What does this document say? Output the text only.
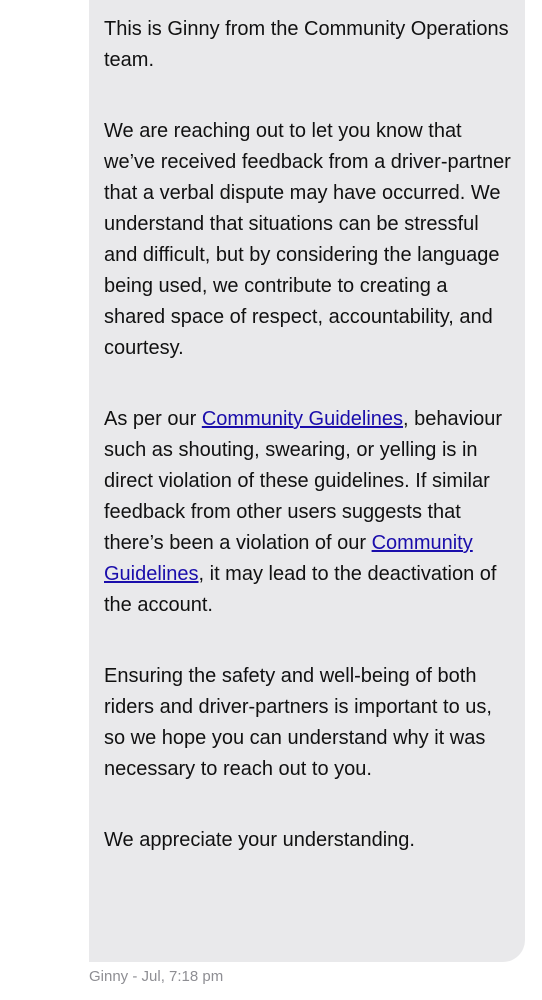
This is Ginny from the Community Operations team.

We are reaching out to let you know that we’ve received feedback from a driver-partner that a verbal dispute may have occurred. We understand that situations can be stressful and difficult, but by considering the language being used, we contribute to creating a shared space of respect, accountability, and courtesy.

As per our Community Guidelines, behaviour such as shouting, swearing, or yelling is in direct violation of these guidelines. If similar feedback from other users suggests that there’s been a violation of our Community Guidelines, it may lead to the deactivation of the account.

Ensuring the safety and well-being of both riders and driver-partners is important to us, so we hope you can understand why it was necessary to reach out to you.

We appreciate your understanding.

Ginny - Jul, 7:18 pm
